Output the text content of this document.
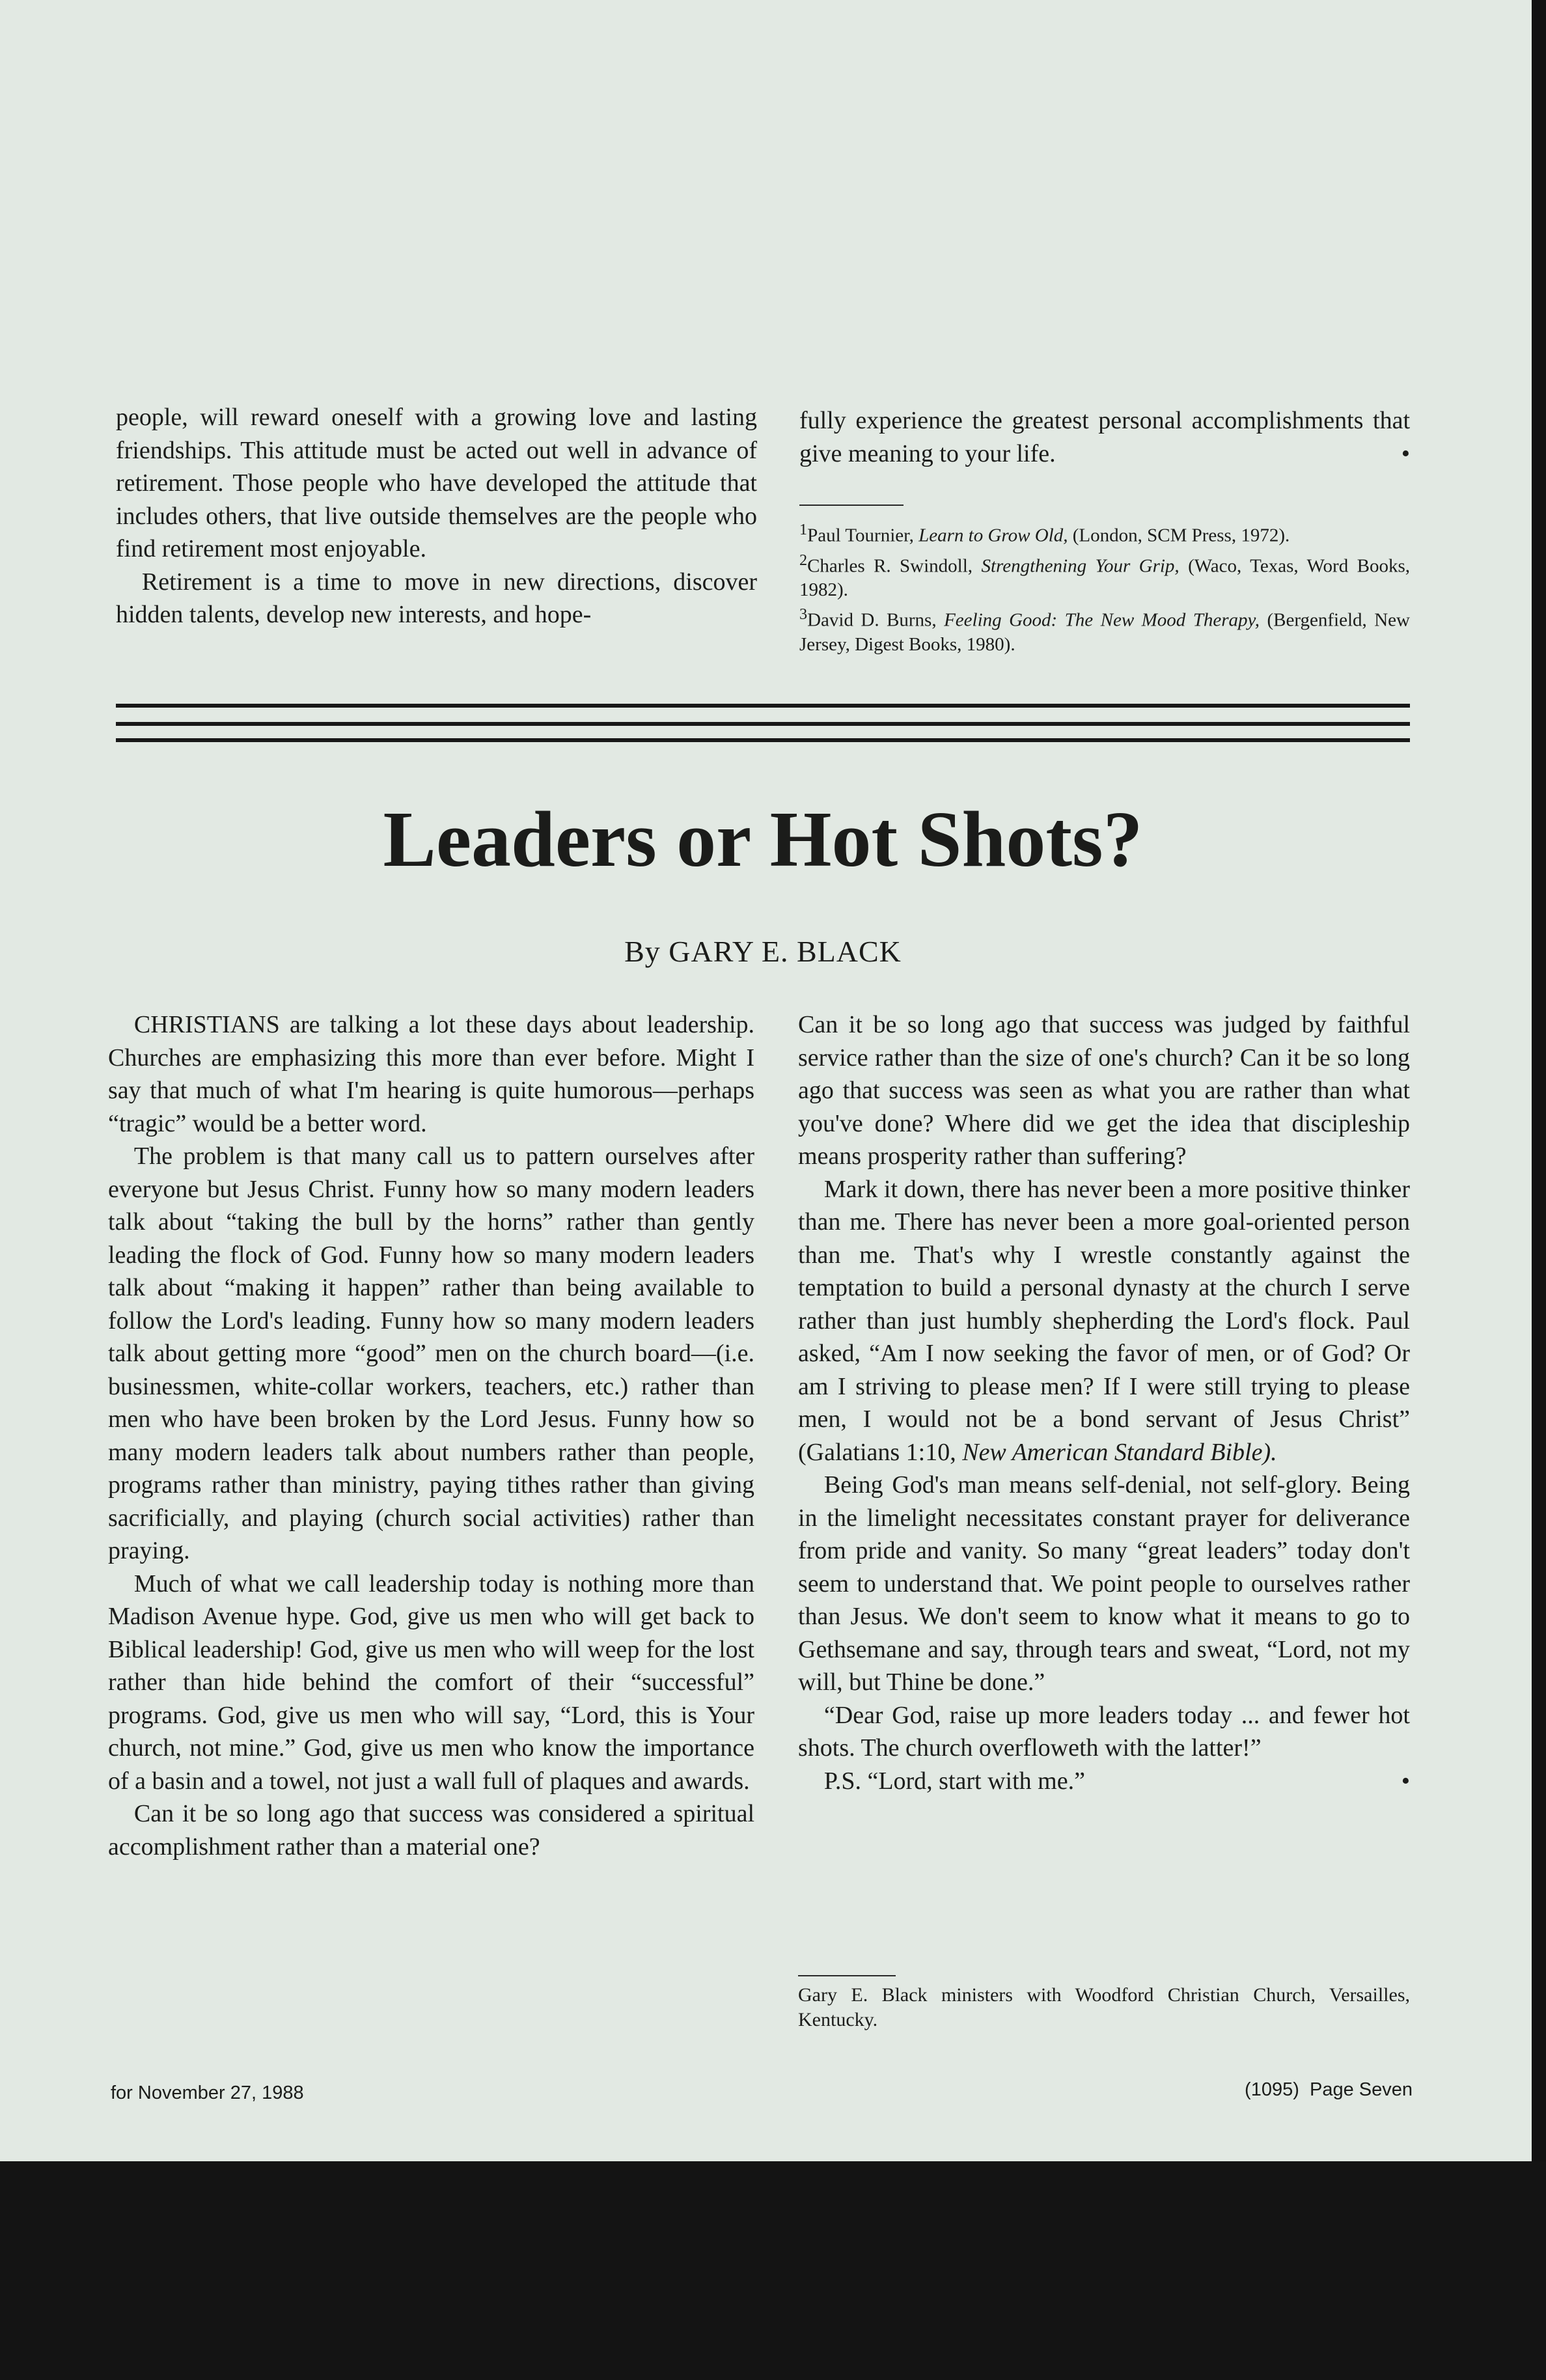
people, will reward oneself with a growing love and lasting friendships. This attitude must be acted out well in advance of retirement. Those people who have developed the attitude that includes others, that live outside themselves are the people who find retirement most enjoyable.

Retirement is a time to move in new directions, discover hidden talents, develop new interests, and hope-

fully experience the greatest personal accomplishments that give meaning to your life.	•

$^1$Paul Tournier, Learn to Grow Old, (London, SCM Press, 1972).

$^2$Charles R. Swindoll, Strengthening Your Grip, (Waco, Texas, Word Books, 1982).

$^3$David D. Burns, Feeling Good: The New Mood Therapy, (Bergenfield, New Jersey, Digest Books, 1980).

Leaders or Hot Shots?
By GARY E. BLACK

CHRISTIANS are talking a lot these days about leadership. Churches are emphasizing this more than ever before. Might I say that much of what I'm hearing is quite humorous—perhaps “tragic” would be a better word.

The problem is that many call us to pattern ourselves after everyone but Jesus Christ. Funny how so many modern leaders talk about “taking the bull by the horns” rather than gently leading the flock of God. Funny how so many modern leaders talk about “making it happen” rather than being available to follow the Lord's leading. Funny how so many modern leaders talk about getting more “good” men on the church board—(i.e. businessmen, white-collar workers, teachers, etc.) rather than men who have been broken by the Lord Jesus. Funny how so many modern leaders talk about numbers rather than people, programs rather than ministry, paying tithes rather than giving sacrificially, and playing (church social activities) rather than praying.

Much of what we call leadership today is nothing more than Madison Avenue hype. God, give us men who will get back to Biblical leadership! God, give us men who will weep for the lost rather than hide behind the comfort of their “successful” programs. God, give us men who will say, “Lord, this is Your church, not mine.” God, give us men who know the importance of a basin and a towel, not just a wall full of plaques and awards.

Can it be so long ago that success was considered a spiritual accomplishment rather than a material one?

Can it be so long ago that success was judged by faithful service rather than the size of one's church? Can it be so long ago that success was seen as what you are rather than what you've done? Where did we get the idea that discipleship means prosperity rather than suffering?

Mark it down, there has never been a more positive thinker than me. There has never been a more goal-oriented person than me. That's why I wrestle constantly against the temptation to build a personal dynasty at the church I serve rather than just humbly shepherding the Lord's flock. Paul asked, “Am I now seeking the favor of men, or of God? Or am I striving to please men? If I were still trying to please men, I would not be a bond servant of Jesus Christ” (Galatians 1:10, New American Standard Bible).

Being God's man means self-denial, not self-glory. Being in the limelight necessitates constant prayer for deliverance from pride and vanity. So many “great leaders” today don't seem to understand that. We point people to ourselves rather than Jesus. We don't seem to know what it means to go to Gethsemane and say, through tears and sweat, “Lord, not my will, but Thine be done.”

“Dear God, raise up more leaders today ... and fewer hot shots. The church overfloweth with the latter!”

P.S. “Lord, start with me.”	•

Gary E. Black ministers with Woodford Christian Church, Versailles, Kentucky.
for November 27, 1988	(1095)  Page Seven
